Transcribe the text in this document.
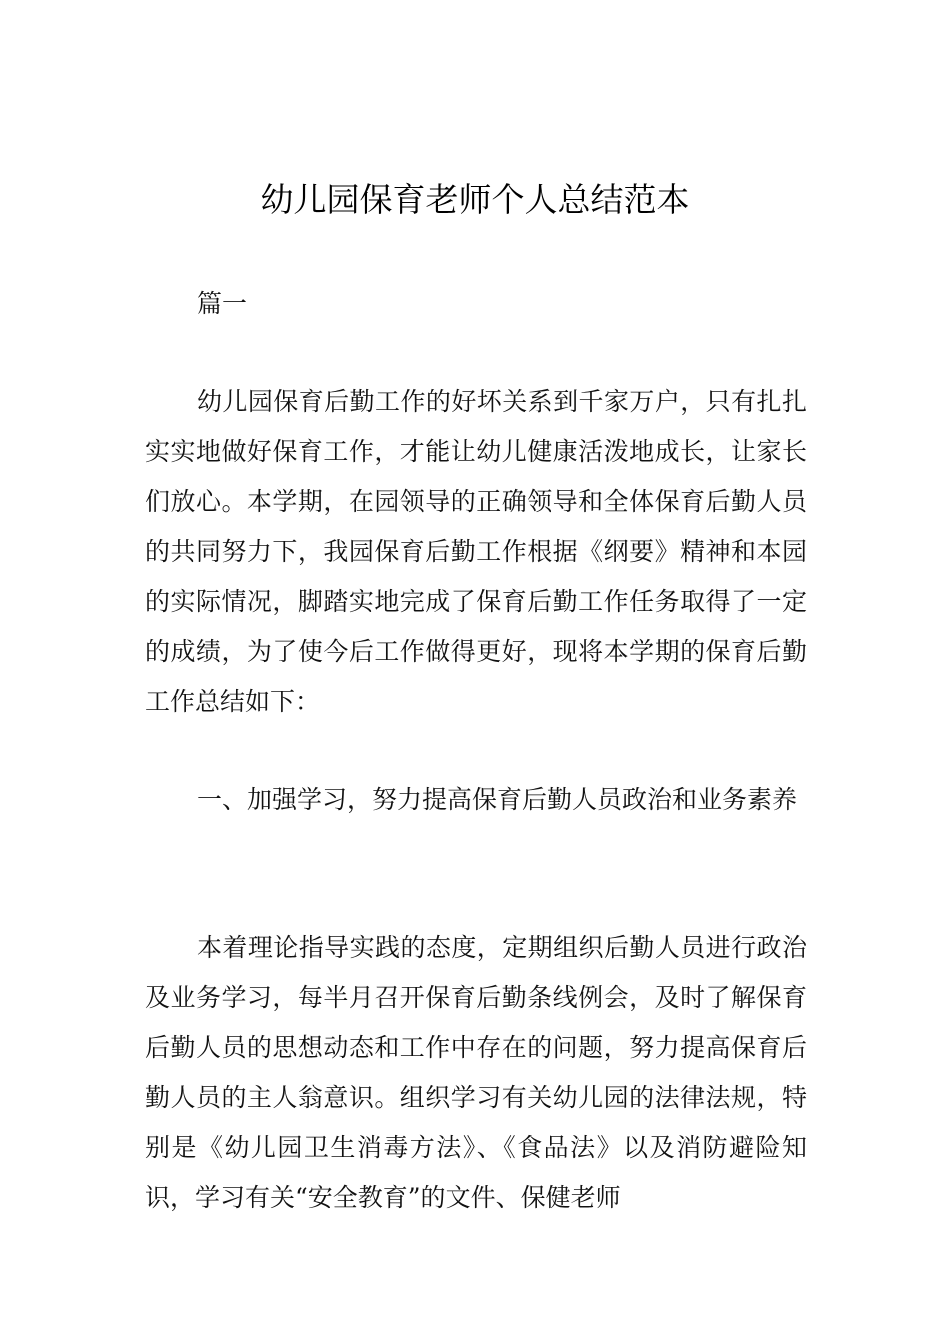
幼儿园保育老师个人总结范本

篇一

幼儿园保育后勤工作的好坏关系到千家万户，只有扎扎实实地做好保育工作，才能让幼儿健康活泼地成长，让家长们放心。本学期，在园领导的正确领导和全体保育后勤人员的共同努力下，我园保育后勤工作根据《纲要》精神和本园的实际情况，脚踏实地完成了保育后勤工作任务取得了一定的成绩，为了使今后工作做得更好，现将本学期的保育后勤工作总结如下：

一、加强学习，努力提高保育后勤人员政治和业务素养

本着理论指导实践的态度，定期组织后勤人员进行政治及业务学习，每半月召开保育后勤条线例会，及时了解保育后勤人员的思想动态和工作中存在的问题，努力提高保育后勤人员的主人翁意识。组织学习有关幼儿园的法律法规，特别是《幼儿园卫生消毒方法》、《食品法》以及消防避险知识，学习有关“安全教育”的文件、保健老师
